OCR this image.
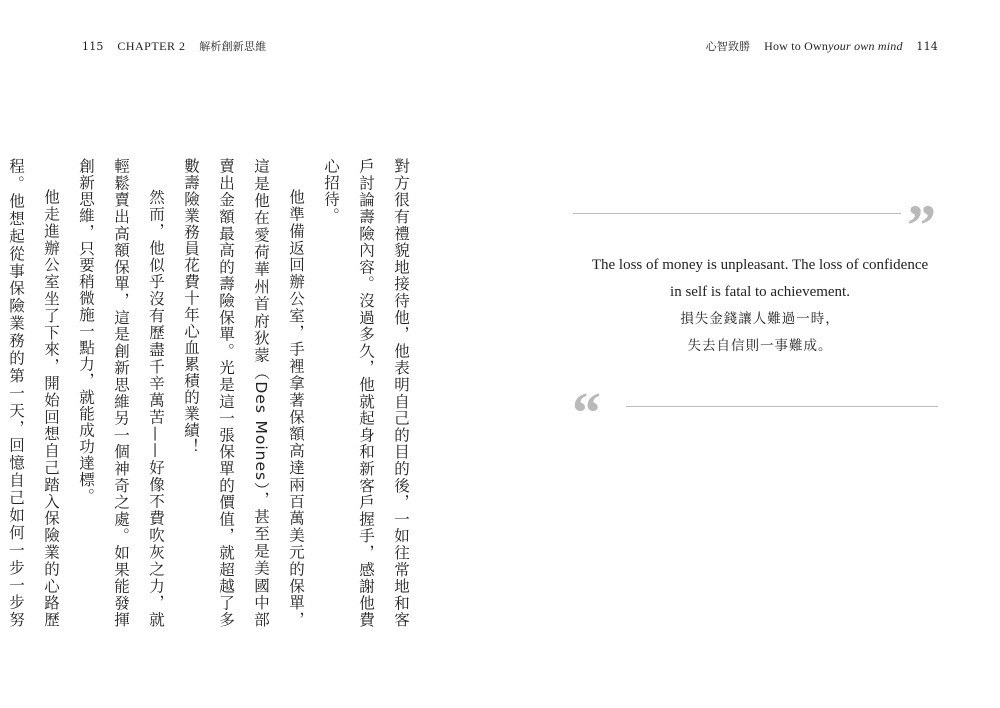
115 CHAPTER 2 解析創新思維

對方很有禮貌地接待他，他表明自己的目的後，一如往常地和客戶討論壽險內容。沒過多久，他就起身和新客戶握手，感謝他費心招待。

他準備返回辦公室，手裡拿著保額高達兩百萬美元的保單，這是他在愛荷華州首府狄蒙（Des Moines），甚至是美國中部賣出金額最高的壽險保單。光是這一張保單的價值，就超越了多數壽險業務員花費十年心血累積的業績！

然而，他似乎沒有歷盡千辛萬苦——好像不費吹灰之力，就輕鬆賣出高額保單，這是創新思維另一個神奇之處。如果能發揮創新思維，只要稍微施一點力，就能成功達標。

他走進辦公室坐了下來，開始回想自己踏入保險業的心路歷程。他想起從事保險業務的第一天，回憶自己如何一步一步努

心智致勝 How to Ownyour own mind 114
”
The loss of money is unpleasant. The loss of confidence
in self is fatal to achievement.
損失金錢讓人難過一時，
失去自信則一事難成。
“
